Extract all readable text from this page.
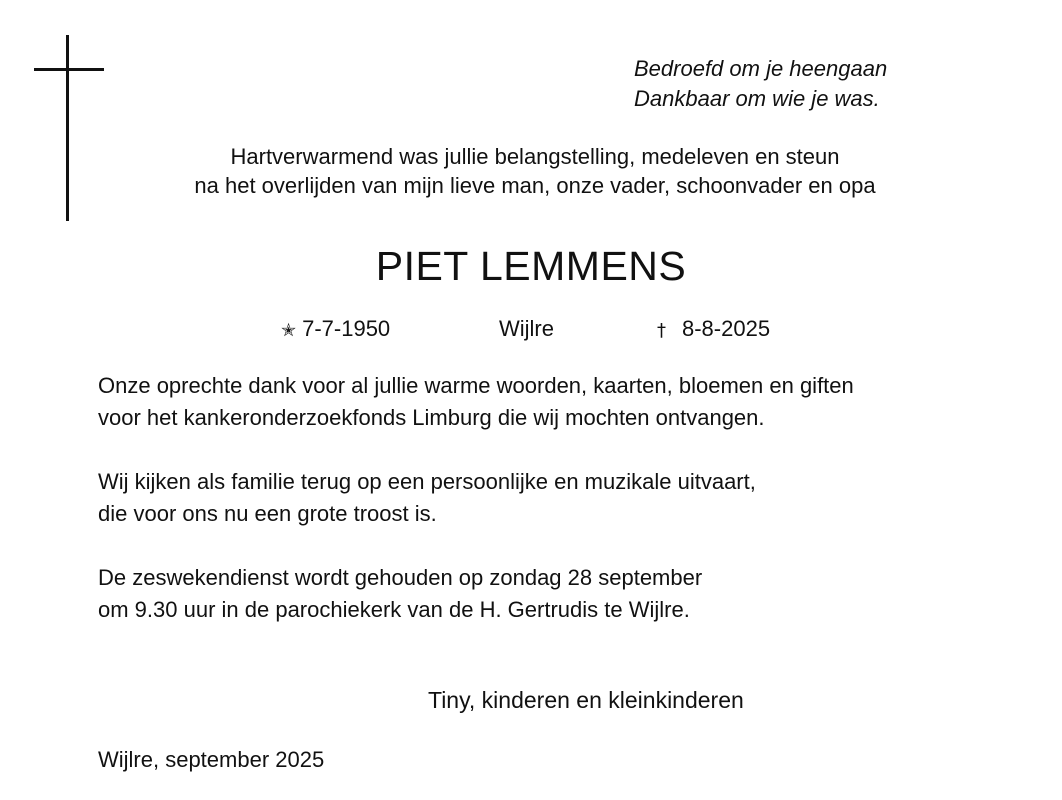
Bedroefd om je heengaan
Dankbaar om wie je was.
Hartverwarmend was jullie belangstelling, medeleven en steun
na het overlijden van mijn lieve man, onze vader, schoonvader en opa
PIET LEMMENS
✭ 7-7-1950	Wijlre	† 8-8-2025
Onze oprechte dank voor al jullie warme woorden, kaarten, bloemen en giften
voor het kankeronderzoekfonds Limburg die wij mochten ontvangen.
Wij kijken als familie terug op een persoonlijke en muzikale uitvaart,
die voor ons nu een grote troost is.
De zeswekendienst wordt gehouden op zondag 28 september
om 9.30 uur in de parochiekerk van de H. Gertrudis te Wijlre.
Tiny, kinderen en kleinkinderen
Wijlre, september 2025
